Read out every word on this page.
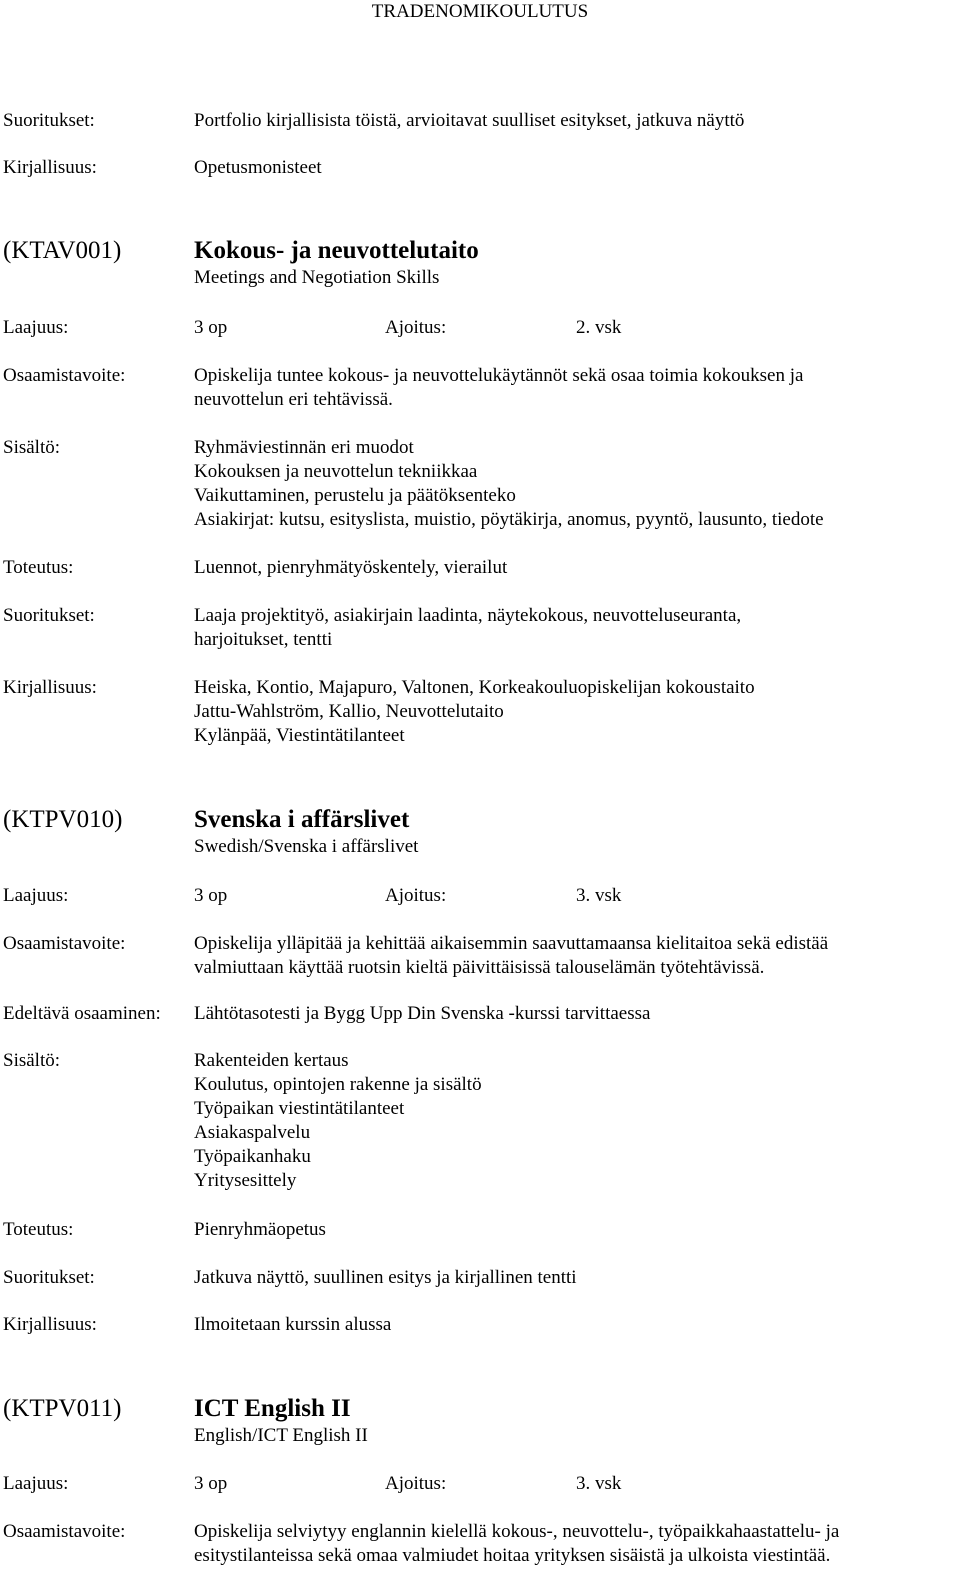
TRADENOMIKOULUTUS
Suoritukset:	Portfolio kirjallisista töistä, arvioitavat suulliset esitykset, jatkuva näyttö
Kirjallisuus:	Opetusmonisteet
(KTAV001)	Kokous- ja neuvottelutaito
Meetings and Negotiation Skills
Laajuus:	3 op	Ajoitus:	2. vsk
Osaamistavoite:	Opiskelija tuntee kokous- ja neuvottelukäytännöt sekä osaa toimia kokouksen ja
neuvottelun eri tehtävissä.
Sisältö:	Ryhmäviestinnän eri muodot
Kokouksen ja neuvottelun tekniikkaa
Vaikuttaminen, perustelu ja päätöksenteko
Asiakirjat: kutsu, esityslista, muistio, pöytäkirja, anomus, pyyntö, lausunto, tiedote
Toteutus:	Luennot, pienryhmätyöskentely, vierailut
Suoritukset:	Laaja projektityö, asiakirjain laadinta, näytekokous, neuvotteluseuranta,
harjoitukset, tentti
Kirjallisuus:	Heiska, Kontio, Majapuro, Valtonen, Korkeakouluopiskelijan kokoustaito
Jattu-Wahlström, Kallio, Neuvottelutaito
Kylänpää, Viestintätilanteet
(KTPV010)	Svenska i affärslivet
Swedish/Svenska i affärslivet
Laajuus:	3 op	Ajoitus:	3. vsk
Osaamistavoite:	Opiskelija ylläpitää ja kehittää aikaisemmin saavuttamaansa kielitaitoa sekä edistää
valmiuttaan käyttää ruotsin kieltä päivittäisissä talouselämän työtehtävissä.
Edeltävä osaaminen: Lähtötasotesti ja Bygg Upp Din Svenska -kurssi tarvittaessa
Sisältö:	Rakenteiden kertaus
Koulutus, opintojen rakenne ja sisältö
Työpaikan viestintätilanteet
Asiakaspalvelu
Työpaikanhaku
Yritysesittely
Toteutus:	Pienryhmäopetus
Suoritukset:	Jatkuva näyttö, suullinen esitys ja kirjallinen tentti
Kirjallisuus:	Ilmoitetaan kurssin alussa
(KTPV011)	ICT English II
English/ICT English II
Laajuus:	3 op	Ajoitus:	3. vsk
Osaamistavoite:	Opiskelija selviytyy englannin kielellä kokous-, neuvottelu-, työpaikkahaastattelu- ja
esitystilanteissa sekä omaa valmiudet hoitaa yrityksen sisäistä ja ulkoista viestintää.
